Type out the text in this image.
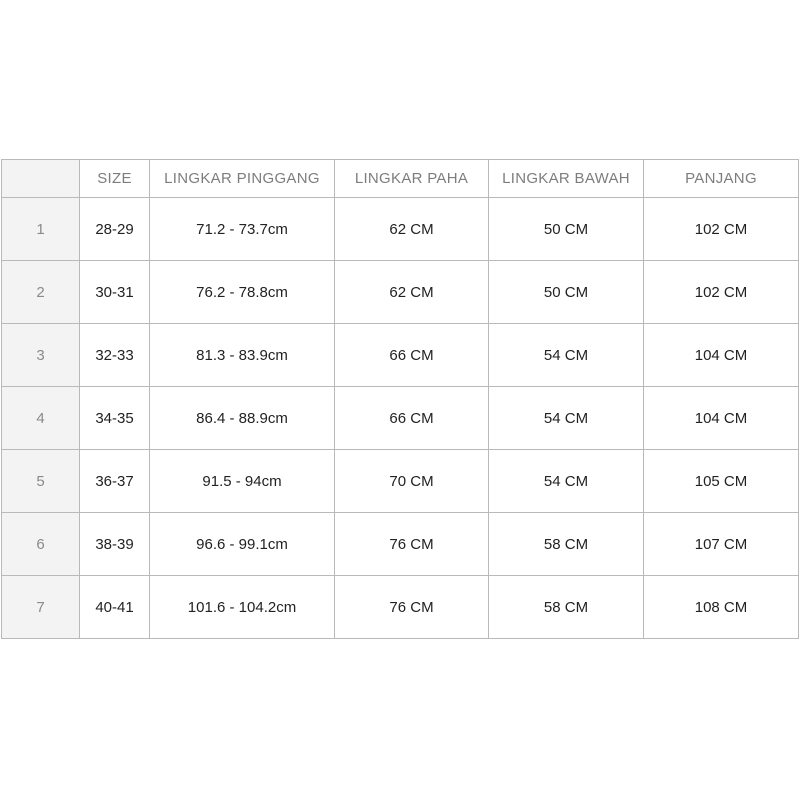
	SIZE	LINGKAR PINGGANG	LINGKAR PAHA	LINGKAR BAWAH	PANJANG
1	28-29	71.2 - 73.7cm	62 CM	50 CM	102 CM
2	30-31	76.2 - 78.8cm	62 CM	50 CM	102 CM
3	32-33	81.3 - 83.9cm	66 CM	54 CM	104 CM
4	34-35	86.4 - 88.9cm	66 CM	54 CM	104 CM
5	36-37	91.5 - 94cm	70 CM	54 CM	105 CM
6	38-39	96.6 - 99.1cm	76 CM	58 CM	107 CM
7	40-41	101.6 - 104.2cm	76 CM	58 CM	108 CM
